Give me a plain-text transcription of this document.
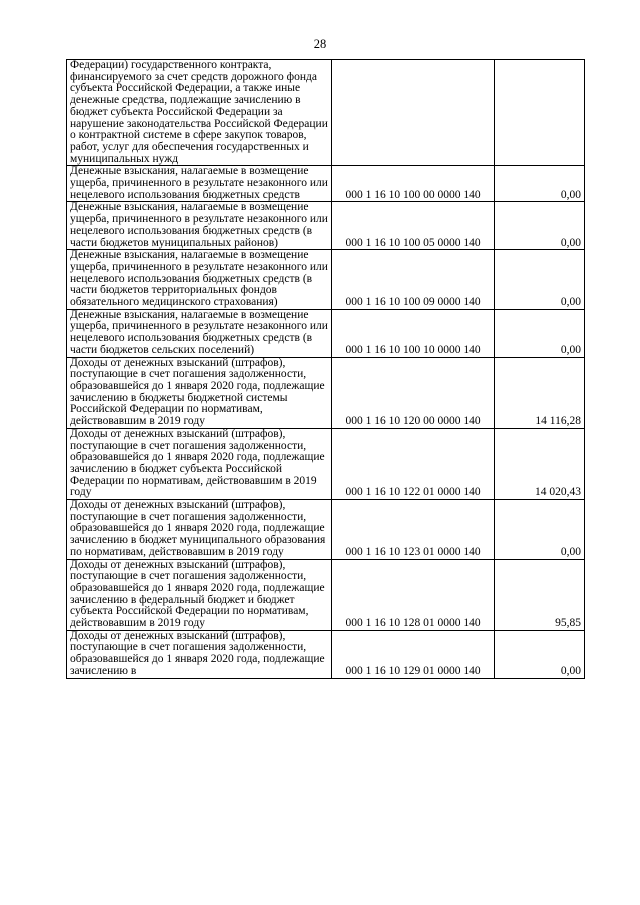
28
Федерации) государственного контракта, финансируемого за счет средств дорожного фонда субъекта Российской Федерации, а также иные денежные средства, подлежащие зачислению в бюджет субъекта Российской Федерации за нарушение законодательства Российской Федерации о контрактной системе в сфере закупок товаров, работ, услуг для обеспечения государственных и муниципальных нужд		
Денежные взыскания, налагаемые в возмещение ущерба, причиненного в результате незаконного или нецелевого использования бюджетных средств	000 1 16 10 100 00 0000 140	0,00
Денежные взыскания, налагаемые в возмещение ущерба, причиненного в результате незаконного или нецелевого использования бюджетных средств (в части бюджетов муниципальных районов)	000 1 16 10 100 05 0000 140	0,00
Денежные взыскания, налагаемые в возмещение ущерба, причиненного в результате незаконного или нецелевого использования бюджетных средств (в части бюджетов территориальных фондов обязательного медицинского страхования)	000 1 16 10 100 09 0000 140	0,00
Денежные взыскания, налагаемые в возмещение ущерба, причиненного в результате незаконного или нецелевого использования бюджетных средств (в части бюджетов сельских поселений)	000 1 16 10 100 10 0000 140	0,00
Доходы от денежных взысканий (штрафов), поступающие в счет погашения задолженности, образовавшейся до 1 января 2020 года, подлежащие зачислению в бюджеты бюджетной системы Российской Федерации по нормативам, действовавшим в 2019 году	000 1 16 10 120 00 0000 140	14 116,28
Доходы от денежных взысканий (штрафов), поступающие в счет погашения задолженности, образовавшейся до 1 января 2020 года, подлежащие зачислению в бюджет субъекта Российской Федерации по нормативам, действовавшим в 2019 году	000 1 16 10 122 01 0000 140	14 020,43
Доходы от денежных взысканий (штрафов), поступающие в счет погашения задолженности, образовавшейся до 1 января 2020 года, подлежащие зачислению в бюджет муниципального образования по нормативам, действовавшим в 2019 году	000 1 16 10 123 01 0000 140	0,00
Доходы от денежных взысканий (штрафов), поступающие в счет погашения задолженности, образовавшейся до 1 января 2020 года, подлежащие зачислению в федеральный бюджет и бюджет субъекта Российской Федерации по нормативам, действовавшим в 2019 году	000 1 16 10 128 01 0000 140	95,85
Доходы от денежных взысканий (штрафов), поступающие в счет погашения задолженности, образовавшейся до 1 января 2020 года, подлежащие зачислению в	000 1 16 10 129 01 0000 140	0,00
